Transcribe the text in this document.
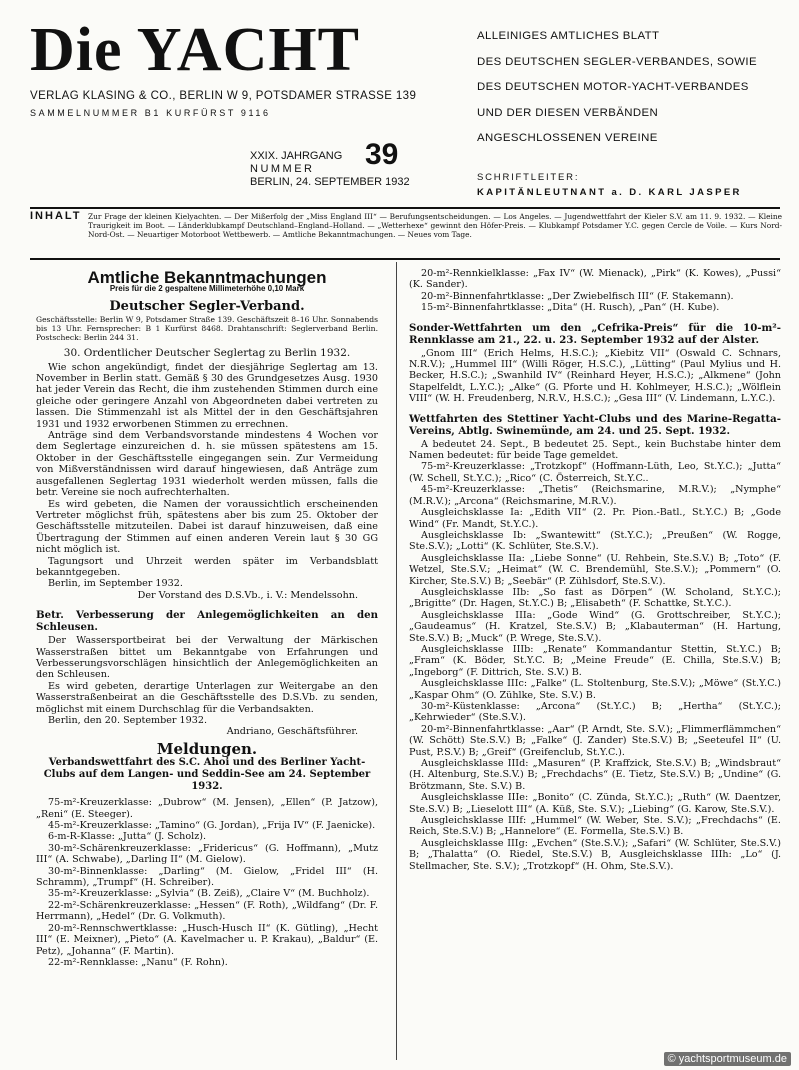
Die YACHT
VERLAG KLASING & CO., BERLIN W 9, POTSDAMER STRASSE 139
SAMMELNUMMER B1 KURFÜRST 9116
ALLEINIGES AMTLICHES BLATT
DES DEUTSCHEN SEGLER-VERBANDES, SOWIE
DES DEUTSCHEN MOTOR-YACHT-VERBANDES
UND DER DIESEN VERBÄNDEN
ANGESCHLOSSENEN VEREINE
XXIX. JAHRGANG
NUMMER
BERLIN, 24. SEPTEMBER 1932
39
SCHRIFTLEITER:
KAPITÄNLEUTNANT a. D. KARL JASPER
INHALT Zur Frage der kleinen Kielyachten. — Der Mißerfolg der „Miss England III“ — Berufungsentscheidungen. — Los Angeles. — Jugendwettfahrt der Kieler S.V. am 11. 9. 1932. — Kleine Traurigkeit im Boot. — Länderklubkampf Deutschland–England–Holland. — „Wetterhexe“ gewinnt den Höfer-Preis. — Klubkampf Potsdamer Y.C. gegen Cercle de Voile. — Kurs Nord-Nord-Ost. — Neuartiger Motorboot Wettbewerb. — Amtliche Bekanntmachungen. — Neues vom Tage.
Amtliche Bekanntmachungen
Preis für die 2 gespaltene Millimeterhöhe 0,10 Mark
Deutscher Segler-Verband.
Geschäftsstelle: Berlin W 9, Potsdamer Straße 139. Geschäftszeit 8–16 Uhr. Sonnabends bis 13 Uhr. Fernsprecher: B 1 Kurfürst 8468. Drahtanschrift: Seglerverband Berlin. Postscheck: Berlin 244 31.
30. Ordentlicher Deutscher Seglertag zu Berlin 1932.

Wie schon angekündigt, findet der diesjährige Seglertag am 13. November in Berlin statt. Gemäß § 30 des Grundgesetzes Ausg. 1930 hat jeder Verein das Recht, die ihm zustehenden Stimmen durch eine gleiche oder geringere Anzahl von Abgeordneten dabei vertreten zu lassen. Die Stimmenzahl ist als Mittel der in den Geschäftsjahren 1931 und 1932 erworbenen Stimmen zu errechnen.

Anträge sind dem Verbandsvorstande mindestens 4 Wochen vor dem Seglertage einzureichen d. h. sie müssen spätestens am 15. Oktober in der Geschäftsstelle eingegangen sein. Zur Vermeidung von Mißverständnissen wird darauf hingewiesen, daß Anträge zum ausgefallenen Seglertag 1931 wiederholt werden müssen, falls die betr. Vereine sie noch aufrechterhalten.

Es wird gebeten, die Namen der voraussichtlich erscheinenden Vertreter möglichst früh, spätestens aber bis zum 25. Oktober der Geschäftsstelle mitzuteilen. Dabei ist darauf hinzuweisen, daß eine Übertragung der Stimmen auf einen anderen Verein laut § 30 GG nicht möglich ist.

Tagungsort und Uhrzeit werden später im Verbandsblatt bekanntgegeben.

Berlin, im September 1932.

Der Vorstand des D.S.Vb., i. V.: Mendelssohn.
Betr. Verbesserung der Anlegemöglichkeiten an den Schleusen.

Der Wassersportbeirat bei der Verwaltung der Märkischen Wasserstraßen bittet um Bekanntgabe von Erfahrungen und Verbesserungsvorschlägen hinsichtlich der Anlegemöglichkeiten an den Schleusen.

Es wird gebeten, derartige Unterlagen zur Weitergabe an den Wasserstraßenbeirat an die Geschäftsstelle des D.S.Vb. zu senden, möglichst mit einem Durchschlag für die Verbandsakten.

Berlin, den 20. September 1932.

Andriano, Geschäftsführer.
Meldungen.
Verbandswettfahrt des S.C. Ahoi und des Berliner Yacht-Clubs auf dem Langen- und Seddin-See am 24. September 1932.

75-m²-Kreuzerklasse: „Dubrow“ (M. Jensen), „Ellen“ (P. Jatzow), „Reni“ (E. Steeger).

45-m²-Kreuzerklasse: „Tamino“ (G. Jordan), „Frija IV“ (F. Jaenicke).

6-m-R-Klasse: „Jutta“ (J. Scholz).

30-m²-Schärenkreuzerklasse: „Fridericus“ (G. Hoffmann), „Mutz III“ (A. Schwabe), „Darling II“ (M. Gielow).

30-m²-Binnenklasse: „Darling“ (M. Gielow, „Fridel III“ (H. Schramm), „Trumpf“ (H. Schreiber).

35-m²-Kreuzerklasse: „Sylvia“ (B. Zeiß), „Claire V“ (M. Buchholz).

22-m²-Schärenkreuzerklasse: „Hessen“ (F. Roth), „Wildfang“ (Dr. F. Herrmann), „Hedel“ (Dr. G. Volkmuth).

20-m²-Rennschwertklasse: „Husch-Husch II“ (K. Gütling), „Hecht III“ (E. Meixner), „Pieto“ (A. Kavelmacher u. P. Krakau), „Baldur“ (E. Petz), „Johanna“ (F. Martin).

22-m²-Rennklasse: „Nanu“ (F. Rohn).

20-m²-Rennkielklasse: „Fax IV“ (W. Mienack), „Pirk“ (K. Kowes), „Pussi“ (K. Sander).

20-m²-Binnenfahrtklasse: „Der Zwiebelfisch III“ (F. Stakemann).

15-m²-Binnenfahrtklasse: „Dita“ (H. Rusch), „Pan“ (H. Kube).

Sonder-Wettfahrten um den „Cefrika-Preis“ für die 10-m²-Rennklasse am 21., 22. u. 23. September 1932 auf der Alster.

„Gnom III“ (Erich Helms, H.S.C.); „Kiebitz VII“ (Oswald C. Schnars, N.R.V.); „Hummel III“ (Willi Röger, H.S.C.), „Lütting“ (Paul Mylius und H. Becker, H.S.C.); „Swanhild IV“ (Reinhard Heyer, H.S.C.); „Alkmene“ (John Stapelfeldt, L.Y.C.); „Alke“ (G. Pforte und H. Kohlmeyer, H.S.C.); „Wölflein VIII“ (W. H. Freudenberg, N.R.V., H.S.C.); „Gesa III“ (V. Lindemann, L.Y.C.).

Wettfahrten des Stettiner Yacht-Clubs und des Marine-Regatta-Vereins, Abtlg. Swinemünde, am 24. und 25. Sept. 1932.

A bedeutet 24. Sept., B bedeutet 25. Sept., kein Buchstabe hinter dem Namen bedeutet: für beide Tage gemeldet.

75-m²-Kreuzerklasse: „Trotzkopf“ (Hoffmann-Lüth, Leo, St.Y.C.); „Jutta“ (W. Schell, St.Y.C.); „Rico“ (C. Österreich, St.Y.C..

45-m²-Kreuzerklasse: „Thetis“ (Reichsmarine, M.R.V.); „Nymphe“ (M.R.V.); „Arcona“ (Reichsmarine, M.R.V.).

Ausgleichsklasse Ia: „Edith VII“ (2. Pr. Pion.-Batl., St.Y.C.) B; „Gode Wind“ (Fr. Mandt, St.Y.C.).

Ausgleichsklasse Ib: „Swantewitt“ (St.Y.C.); „Preußen“ (W. Rogge, Ste.S.V.); „Lotti“ (K. Schlüter, Ste.S.V.).

Ausgleichsklasse IIa: „Liebe Sonne“ (U. Rehbein, Ste.S.V.) B; „Toto“ (F. Wetzel, Ste.S.V.; „Heimat“ (W. C. Brendemühl, Ste.S.V.); „Pommern“ (O. Kircher, Ste.S.V.) B; „Seebär“ (P. Zühlsdorf, Ste.S.V.).

Ausgleichsklasse IIb: „So fast as Dörpen“ (W. Scholand, St.Y.C.); „Brigitte“ (Dr. Hagen, St.Y.C.) B; „Elisabeth“ (F. Schattke, St.Y.C.).

Ausgleichsklasse IIIa: „Gode Wind“ (G. Grottschreiber, St.Y.C.); „Gaudeamus“ (H. Kratzel, Ste.S.V.) B; „Klabauterman“ (H. Hartung, Ste.S.V.) B; „Muck“ (P. Wrege, Ste.S.V.).

Ausgleichsklasse IIIb: „Renate“ Kommandantur Stettin, St.Y.C.) B; „Fram“ (K. Böder, St.Y.C. B; „Meine Freude“ (E. Chilla, Ste.S.V.) B; „Ingeborg“ (F. Dittrich, Ste. S.V.) B.

Ausgleichsklasse IIIc: „Falke“ (L. Stoltenburg, Ste.S.V.); „Möwe“ (St.Y.C.) „Kaspar Ohm“ (O. Zühlke, Ste. S.V.) B.

30-m²-Küstenklasse: „Arcona“ (St.Y.C.) B; „Hertha“ (St.Y.C.); „Kehrwieder“ (Ste.S.V.).

20-m²-Binnenfahrtklasse: „Aar“ (P. Arndt, Ste. S.V.); „Flimmerflämmchen“ (W. Schött) Ste.S.V.) B; „Falke“ (J. Zander) Ste.S.V.) B; „Seeteufel II“ (U. Pust, P.S.V.) B; „Greif“ (Greifenclub, St.Y.C.).

Ausgleichsklasse IIId: „Masuren“ (P. Kraffzick, Ste.S.V.) B; „Windsbraut“ (H. Altenburg, Ste.S.V.) B; „Frechdachs“ (E. Tietz, Ste.S.V.) B; „Undine“ (G. Brötzmann, Ste. S.V.) B.

Ausgleichsklasse IIIe: „Bonito“ (C. Zünda, St.Y.C.); „Ruth“ (W. Daentzer, Ste.S.V.) B; „Lieselott III“ (A. Küß, Ste. S.V.); „Liebing“ (G. Karow, Ste.S.V.).

Ausgleichsklasse IIIf: „Hummel“ (W. Weber, Ste. S.V.); „Frechdachs“ (E. Reich, Ste.S.V.) B; „Hannelore“ (E. Formella, Ste.S.V.) B.

Ausgleichsklasse IIIg: „Evchen“ (Ste.S.V.); „Safari“ (W. Schlüter, Ste.S.V.) B; „Thalatta“ (O. Riedel, Ste.S.V.) B, Ausgleichsklasse IIIh: „Lo“ (J. Stellmacher, Ste. S.V.); „Trotzkopf“ (H. Ohm, Ste.S.V.).

© yachtsportmuseum.de
